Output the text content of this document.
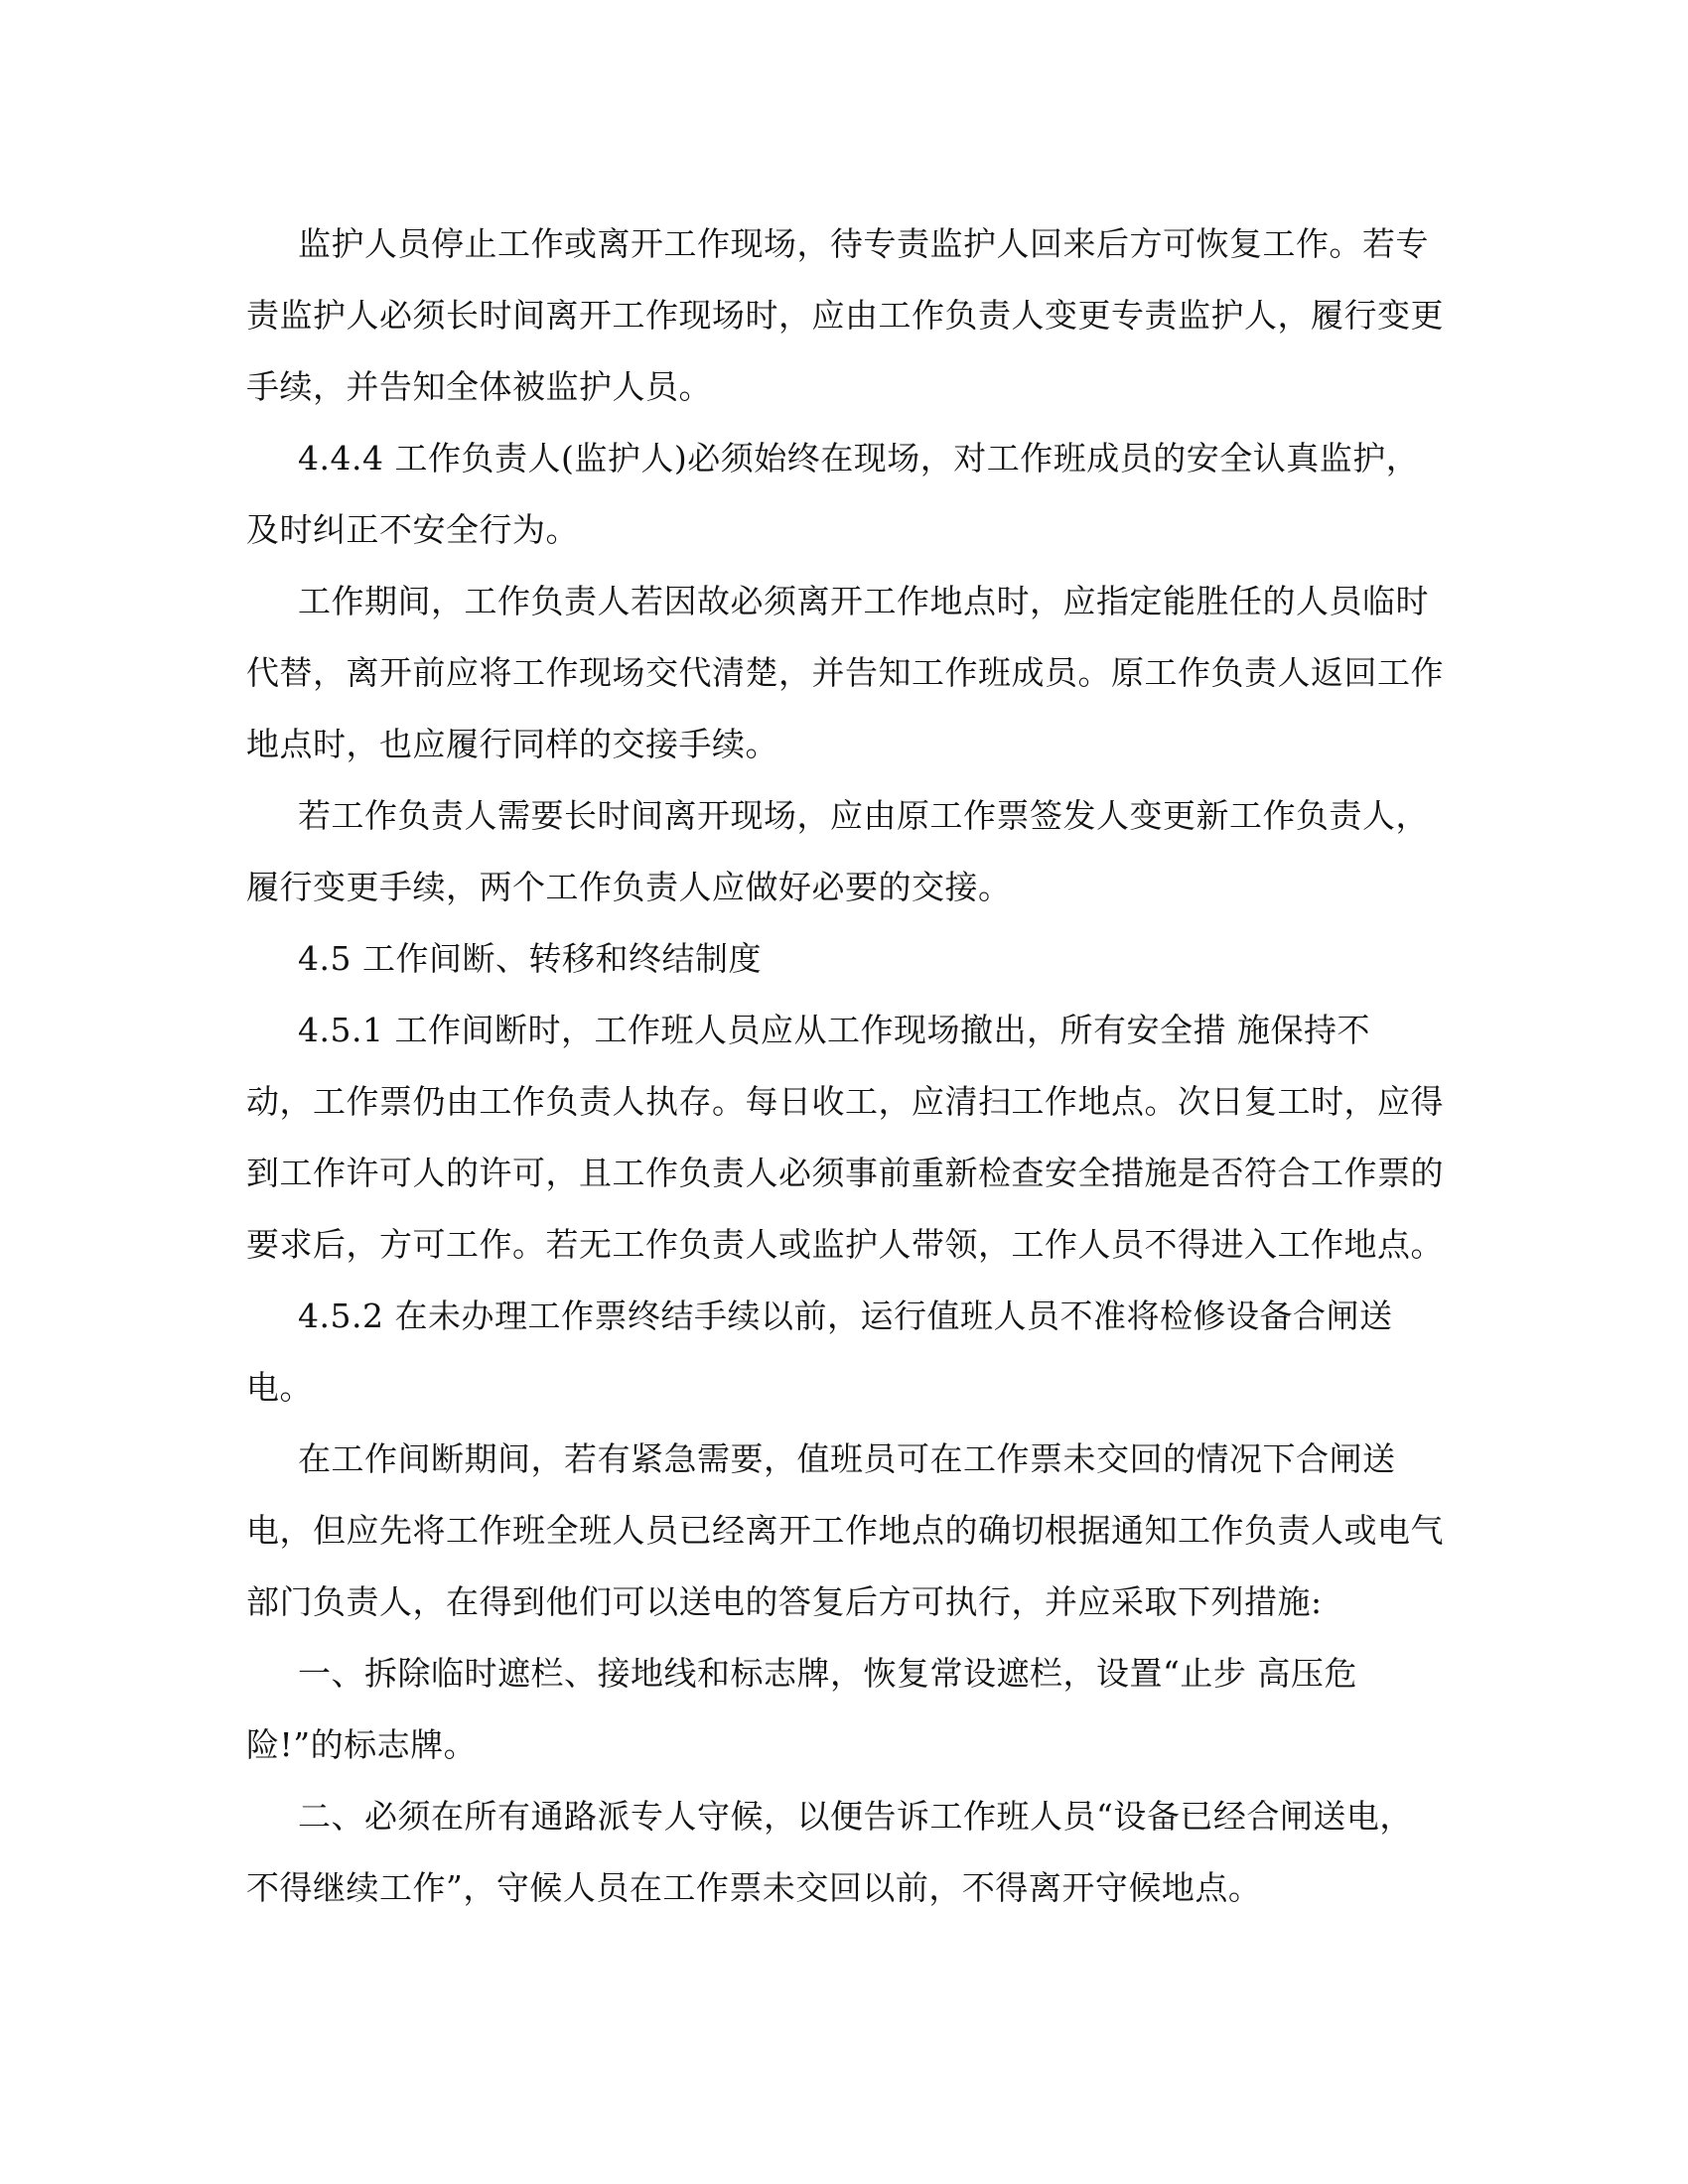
监护人员停止工作或离开工作现场，待专责监护人回来后方可恢复工作。若专
责监护人必须长时间离开工作现场时，应由工作负责人变更专责监护人，履行变更
手续，并告知全体被监护人员。
4.4.4 工作负责人(监护人)必须始终在现场，对工作班成员的安全认真监护，
及时纠正不安全行为。
工作期间，工作负责人若因故必须离开工作地点时，应指定能胜任的人员临时
代替，离开前应将工作现场交代清楚，并告知工作班成员。原工作负责人返回工作
地点时，也应履行同样的交接手续。
若工作负责人需要长时间离开现场，应由原工作票签发人变更新工作负责人，
履行变更手续，两个工作负责人应做好必要的交接。
4.5 工作间断、转移和终结制度
4.5.1 工作间断时，工作班人员应从工作现场撤出，所有安全措 施保持不
动，工作票仍由工作负责人执存。每日收工，应清扫工作地点。次日复工时，应得
到工作许可人的许可，且工作负责人必须事前重新检查安全措施是否符合工作票的
要求后，方可工作。若无工作负责人或监护人带领，工作人员不得进入工作地点。
4.5.2 在未办理工作票终结手续以前，运行值班人员不准将检修设备合闸送
电。
在工作间断期间，若有紧急需要，值班员可在工作票未交回的情况下合闸送
电，但应先将工作班全班人员已经离开工作地点的确切根据通知工作负责人或电气
部门负责人，在得到他们可以送电的答复后方可执行，并应采取下列措施:
一、拆除临时遮栏、接地线和标志牌，恢复常设遮栏，设置“止步 高压危
险!”的标志牌。
二、必须在所有通路派专人守候，以便告诉工作班人员“设备已经合闸送电，
不得继续工作”，守候人员在工作票未交回以前，不得离开守候地点。
